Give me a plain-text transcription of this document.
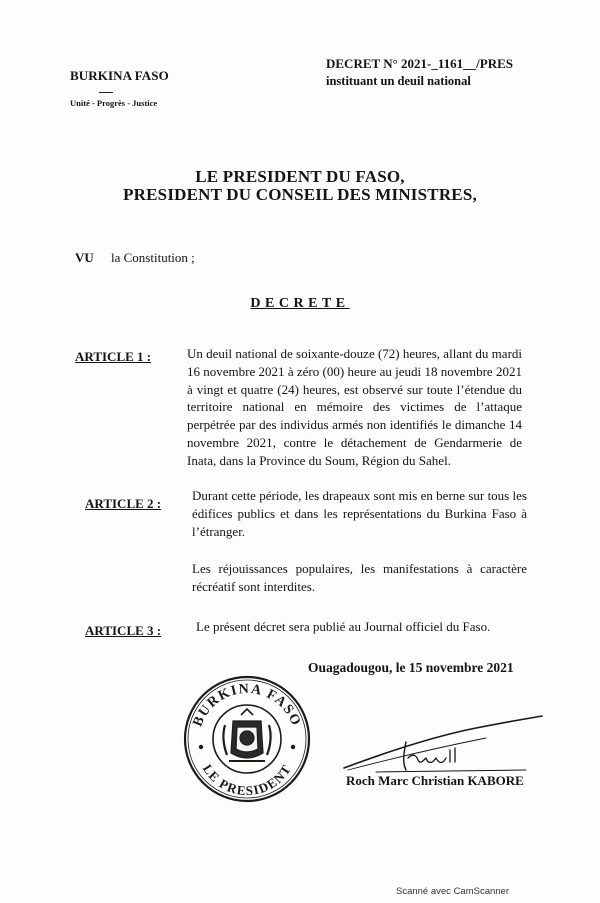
BURKINA FASO
Unité - Progrès - Justice
DECRET N° 2021-_1161__/PRES
instituant un deuil national
LE PRESIDENT DU FASO,
PRESIDENT DU CONSEIL DES MINISTRES,
VU la Constitution ;
DECRETE
ARTICLE 1 :	Un deuil national de soixante-douze (72) heures, allant du mardi 16 novembre 2021 à zéro (00) heure au jeudi 18 novembre 2021 à vingt et quatre (24) heures, est observé sur toute l’étendue du territoire national en mémoire des victimes de l’attaque perpétrée par des individus armés non identifiés le dimanche 14 novembre 2021, contre le détachement de Gendarmerie de Inata, dans la Province du Soum, Région du Sahel.
ARTICLE 2 :
Durant cette période, les drapeaux sont mis en berne sur tous les édifices publics et dans les représentations du Burkina Faso à l’étranger.
Les réjouissances populaires, les manifestations à caractère récréatif sont interdites.
ARTICLE 3 :	Le présent décret sera publié au Journal officiel du Faso.
Ouagadougou, le 15 novembre 2021
BURKINA FASO
LE PRESIDENT
Roch Marc Christian KABORE
Scanné avec CamScanner
